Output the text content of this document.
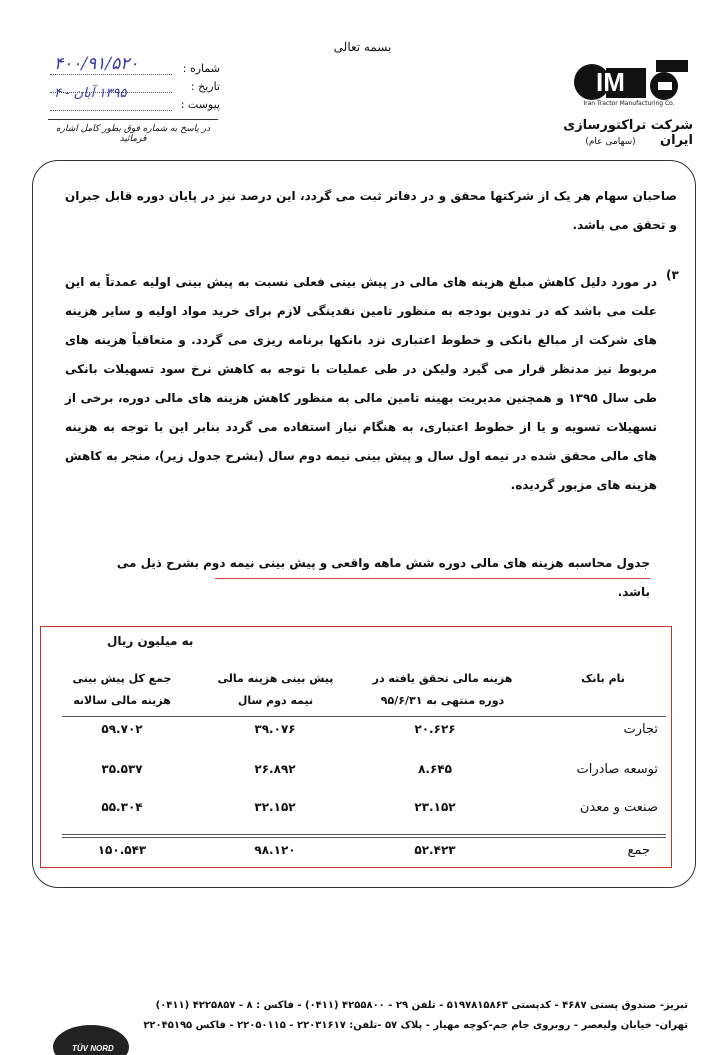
بسمه تعالی
IM
Iran Tractor Manufacturing Co.
شرکت تراکتورسازی ایران
(سهامی عام)
شماره :
۴۰۰/۹۱/۵۲۰
تاریخ :
۱۳۹۵ آبان - ۴
پیوست :
در پاسخ به شماره فوق بطور کامل اشاره فرمائید
صاحبان سهام هر یک از شرکتها محقق و در دفاتر ثبت می گردد، این درصد نیز در پایان دوره قابل جبران و تحقق می باشد.
(۳
در مورد دلیل کاهش مبلغ هزینه های مالی در پیش بینی فعلی نسبت به پیش بینی اولیه عمدتاً به این علت می باشد که در تدوین بودجه به منظور تامین نقدینگی لازم برای خرید مواد اولیه و سایر هزینه های شرکت از مبالغ بانکی و خطوط اعتباری نزد بانکها برنامه ریزی می گردد. و متعاقباً هزینه های مربوط نیز مدنظر قرار می گیرد ولیکن در طی عملیات با توجه به کاهش نرخ سود تسهیلات بانکی طی سال ۱۳۹۵ و همچنین مدیریت بهینه تامین مالی به منظور کاهش هزینه های مالی دوره، برخی از تسهیلات تسویه و یا از خطوط اعتباری، به هنگام نیاز استفاده می گردد بنابر این با توجه به هزینه های مالی محقق شده در نیمه اول سال و پیش بینی نیمه دوم سال (بشرح جدول زیر)، منجر به کاهش هزینه های مزبور گردیده.
جدول محاسبه هزینه های مالی دوره شش ماهه واقعی و پیش بینی نیمه دوم بشرح ذیل می باشد.
به میلیون ریال
نام بانک
هزینه مالی تحقق یافته در دوره منتهی به ۹۵/۶/۳۱
پیش بینی هزینه مالی نیمه دوم سال
جمع کل پیش بینی هزینه مالی سالانه
تجارت
۲۰.۶۲۶
۳۹.۰۷۶
۵۹.۷۰۲
توسعه صادرات
۸.۶۴۵
۲۶.۸۹۲
۳۵.۵۳۷
صنعت و معدن
۲۳.۱۵۲
۳۲.۱۵۲
۵۵.۳۰۴
جمع
۵۲.۴۲۳
۹۸.۱۲۰
۱۵۰.۵۴۳
تبریز- صندوق پستی ۴۶۸۷ - کدپستی ۵۱۹۷۸۱۵۸۶۳ - تلفن ۲۹ - ۴۲۵۵۸۰۰ (۰۴۱۱) - فاکس : ۸ - ۴۲۲۵۸۵۷ (۰۴۱۱)
تهران- خیابان ولیعصر - روبروی جام جم-کوچه مهیار - پلاک ۵۷ -تلفن: ۲۲۰۳۱۶۱۷ - ۲۲۰۵۰۱۱۵ - فاکس ۲۲۰۴۵۱۹۵
TÜV NORD
